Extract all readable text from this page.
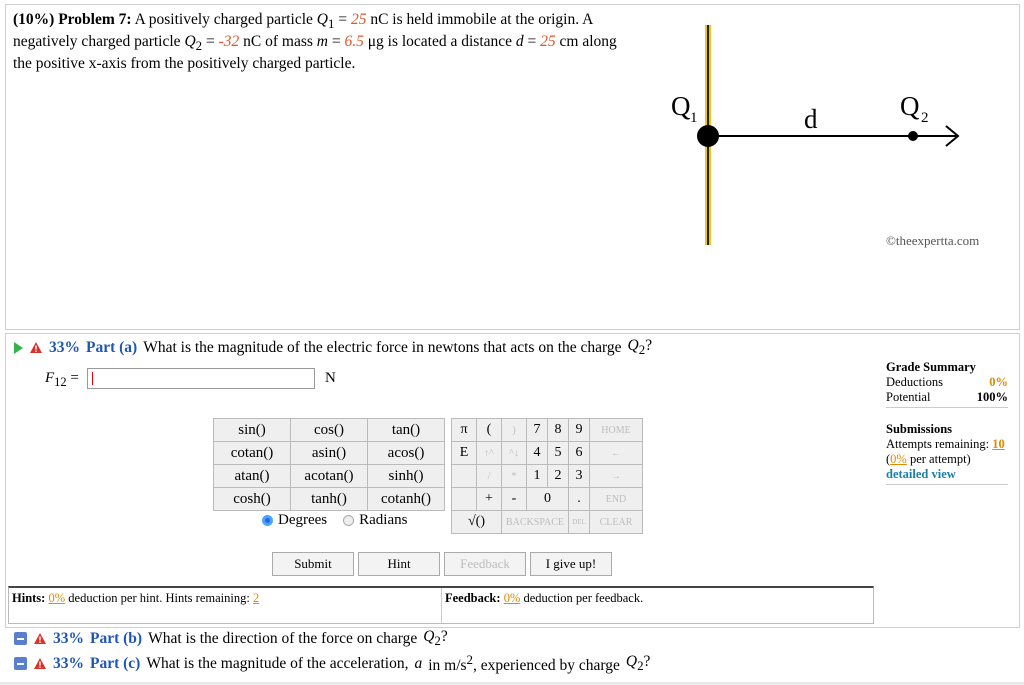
(10%) Problem 7: A positively charged particle $Q_1 = 25$ nC is held immobile at the origin. A
negatively charged particle $Q_2 = -32$ nC of mass m = 6.5 μg is located a distance d = 25 cm along
the positive x-axis from the positively charged particle.
Q 1	d	Q 2
©theexpertta.com
33% Part (a) What is the magnitude of the electric force in newtons that acts on the charge $Q_2$?
$F_{12}$ =	N
sin()	cos()	tan()
cotan()	asin()	acos()
atan()	acotan()	sinh()
cosh()	tanh()	cotanh()
Degrees Radians
π	(	)	7	8	9	HOME
E	↑^	^↓	4	5	6	←
	/	*	1	2	3	→
	+	-	0		.	END
√()		BACKSPACE			DEL	CLEAR
Submit	Hint	Feedback	I give up!
Hints: 0% deduction per hint. Hints remaining: 2	Feedback: 0% deduction per feedback.
Grade Summary
Deductions	0%
Potential	100%
Submissions
Attempts remaining: 10
(0% per attempt)
detailed view
33% Part (b) What is the direction of the force on charge $Q_2$?
33% Part (c) What is the magnitude of the acceleration, a in $m/s^2$, experienced by charge $Q_2$?
